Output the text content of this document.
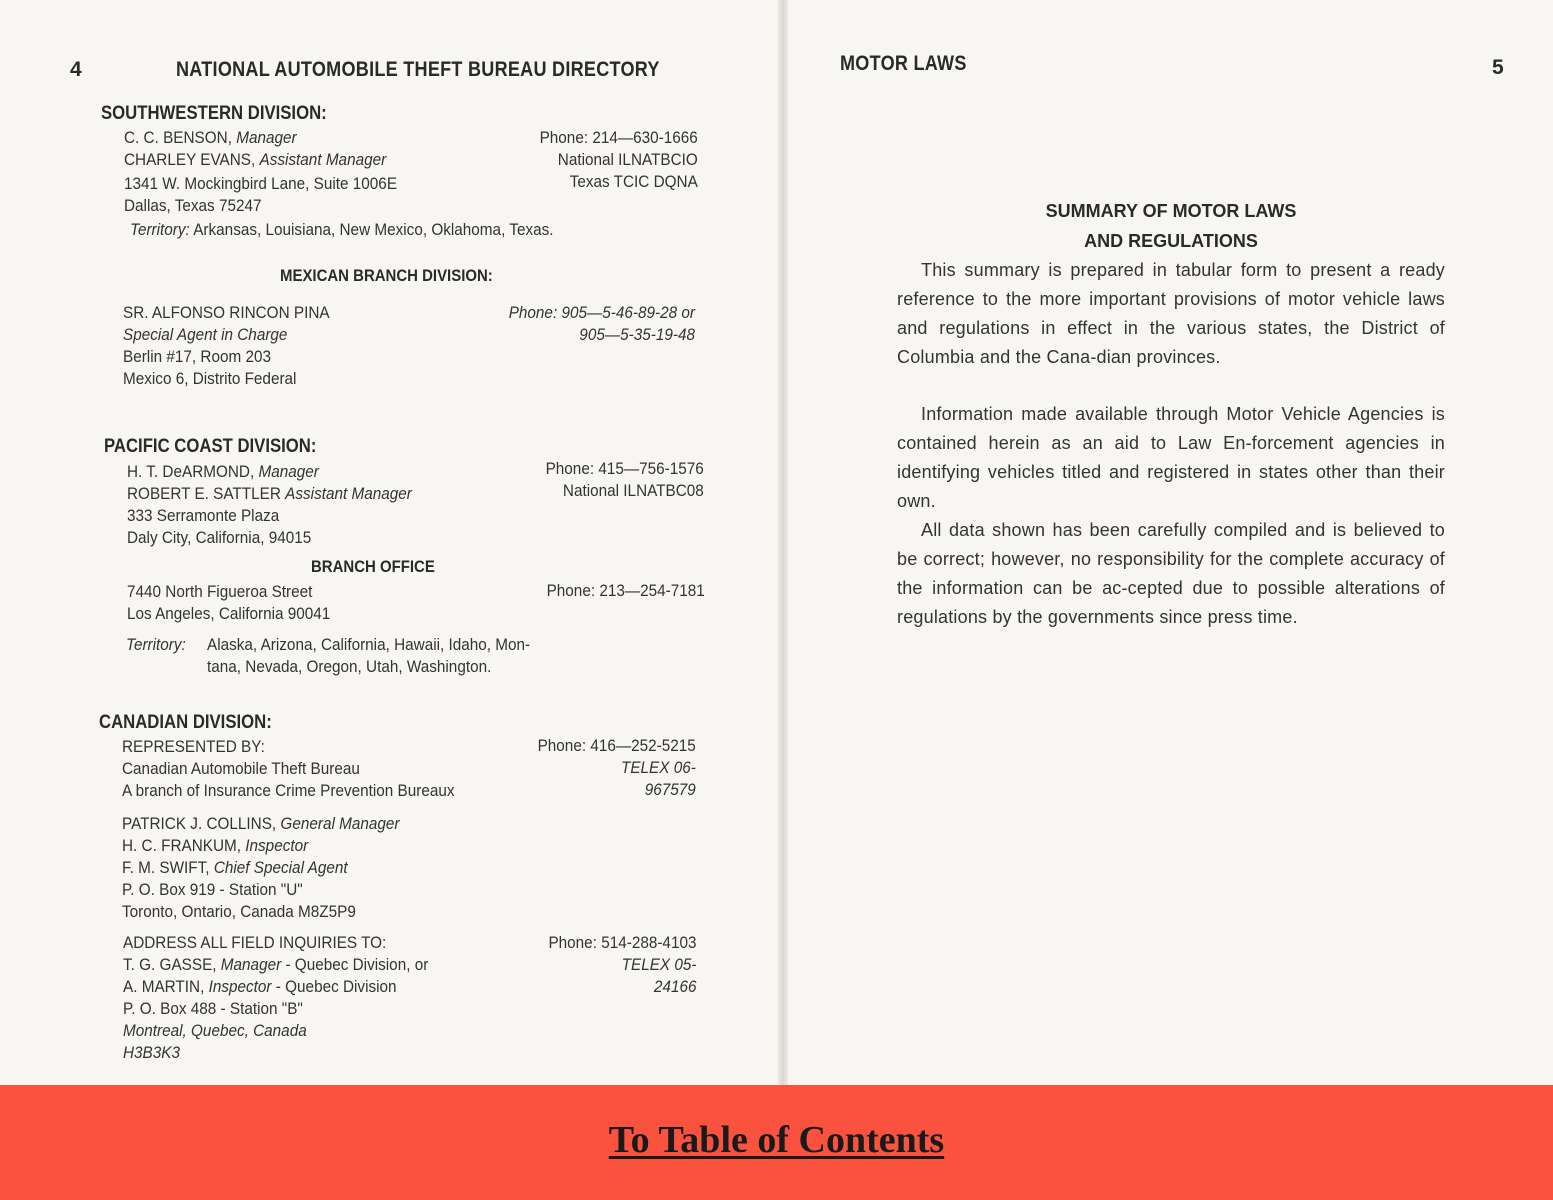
4	NATIONAL AUTOMOBILE THEFT BUREAU DIRECTORY
SOUTHWESTERN DIVISION:
C. C. BENSON, Manager
CHARLEY EVANS, Assistant Manager
1341 W. Mockingbird Lane, Suite 1006E
Dallas, Texas 75247
Territory: Arkansas, Louisiana, New Mexico, Oklahoma, Texas.
Phone: 214—630-1666
National ILNATBCIO
Texas TCIC DQNA
MEXICAN BRANCH DIVISION:
SR. ALFONSO RINCON PINA
Special Agent in Charge
Berlin #17, Room 203
Mexico 6, Distrito Federal
Phone: 905—5-46-89-28 or
905—5-35-19-48
PACIFIC COAST DIVISION:
H. T. DeARMOND, Manager
ROBERT E. SATTLER Assistant Manager
333 Serramonte Plaza
Daly City, California, 94015
Phone: 415—756-1576
National ILNATBC08
BRANCH OFFICE
7440 North Figueroa Street
Los Angeles, California 90041
Phone: 213—254-7181
Territory: Alaska, Arizona, California, Hawaii, Idaho, Mon-
tana, Nevada, Oregon, Utah, Washington.
CANADIAN DIVISION:
REPRESENTED BY:
Canadian Automobile Theft Bureau
A branch of Insurance Crime Prevention Bureaux
Phone: 416—252-5215
TELEX 06-
967579
PATRICK J. COLLINS, General Manager
H. C. FRANKUM, Inspector
F. M. SWIFT, Chief Special Agent
P. O. Box 919 - Station "U"
Toronto, Ontario, Canada M8Z5P9
ADDRESS ALL FIELD INQUIRIES TO:
T. G. GASSE, Manager - Quebec Division, or
A. MARTIN, Inspector - Quebec Division
P. O. Box 488 - Station "B"
Montreal, Quebec, Canada
H3B3K3
Phone: 514-288-4103
TELEX 05-
24166
MOTOR LAWS	5
SUMMARY OF MOTOR LAWS
AND REGULATIONS
This summary is prepared in tabular form to present a ready reference to the more important provisions of motor vehicle laws and regulations in effect in the various states, the District of Columbia and the Cana-dian provinces.
Information made available through Motor Vehicle Agencies is contained herein as an aid to Law En-forcement agencies in identifying vehicles titled and registered in states other than their own.
All data shown has been carefully compiled and is believed to be correct; however, no responsibility for the complete accuracy of the information can be ac-cepted due to possible alterations of regulations by the governments since press time.
To Table of Contents
